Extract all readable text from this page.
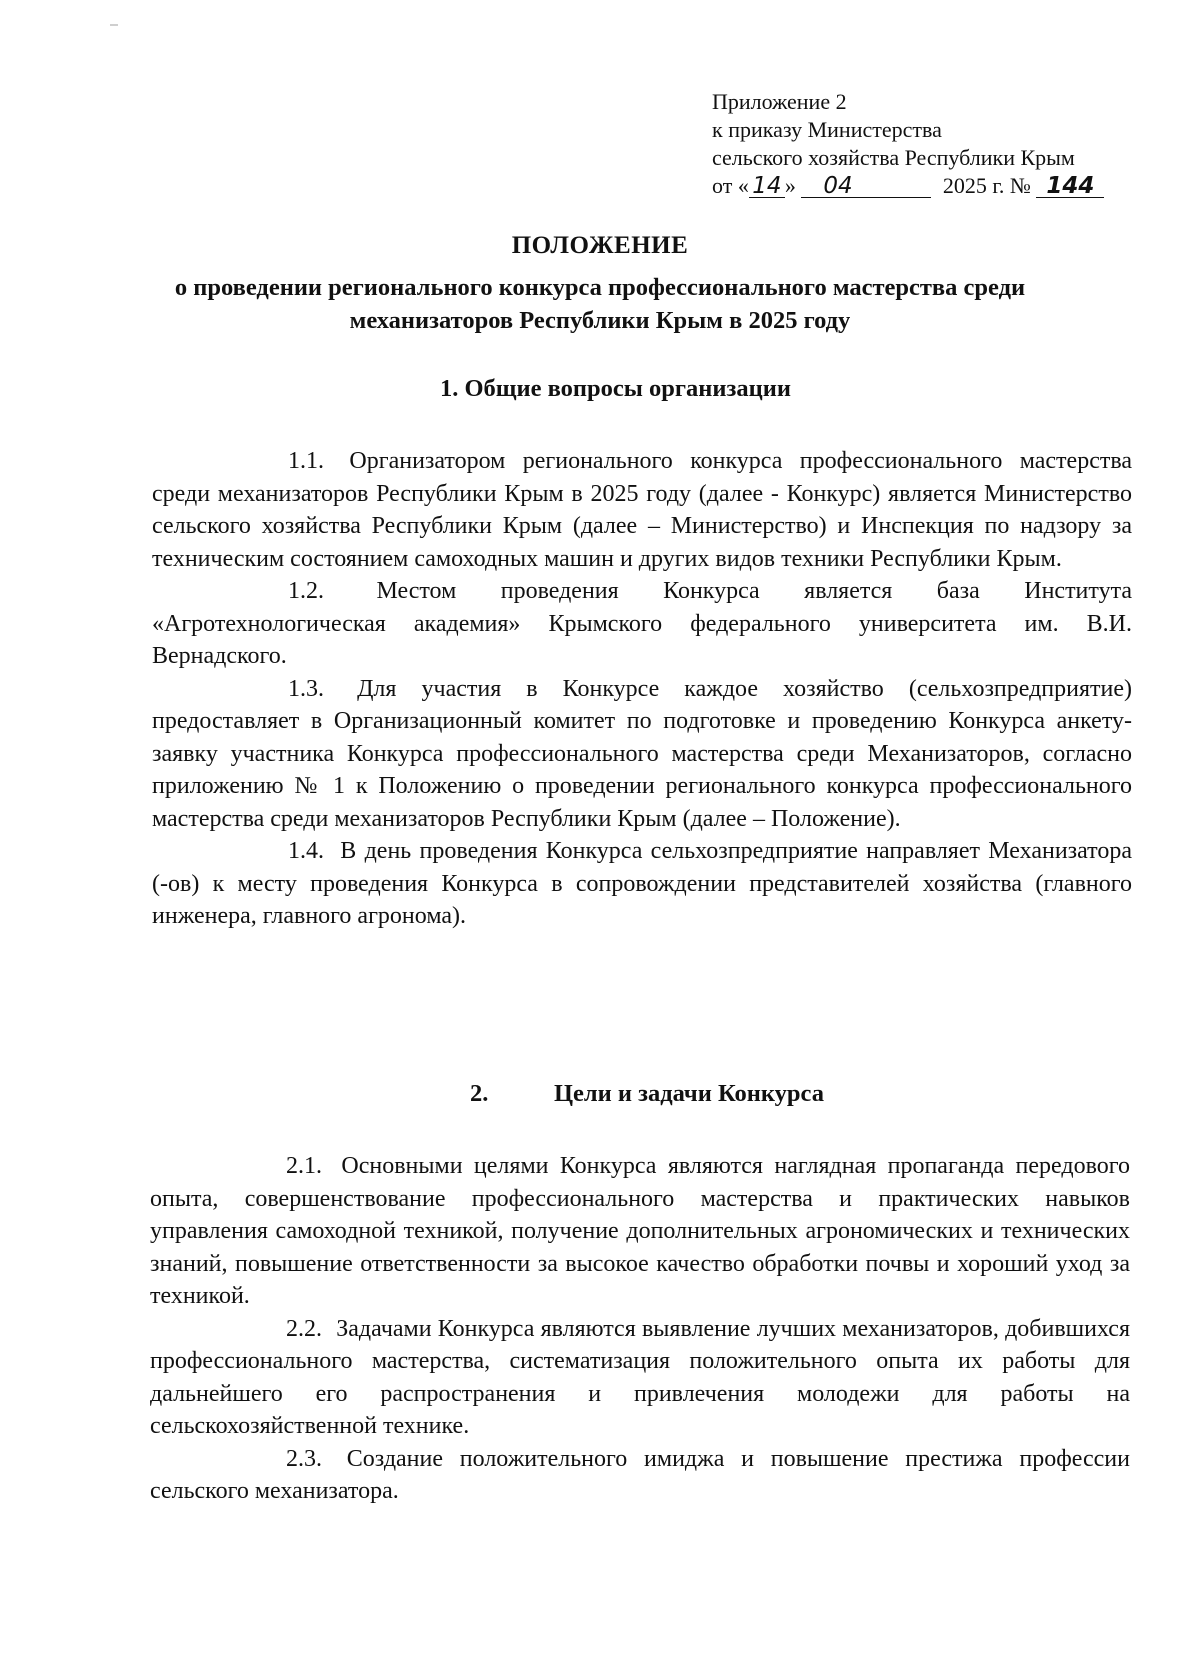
Приложение 2
к приказу Министерства
сельского хозяйства Республики Крым
от « 14 » 04	2025 г. № 144
ПОЛОЖЕНИЕ
о проведении регионального конкурса профессионального мастерства среди механизаторов Республики Крым в 2025 году
1. Общие вопросы организации

1.1. Организатором регионального конкурса профессионального мастерства среди механизаторов Республики Крым в 2025 году (далее - Конкурс) является Министерство сельского хозяйства Республики Крым (далее – Министерство) и Инспекция по надзору за техническим состоянием самоходных машин и других видов техники Республики Крым.

1.2. Местом проведения Конкурса является база Института «Агротехнологическая академия» Крымского федерального университета им. В.И. Вернадского.

1.3. Для участия в Конкурсе каждое хозяйство (сельхозпредприятие) предоставляет в Организационный комитет по подготовке и проведению Конкурса анкету-заявку участника Конкурса профессионального мастерства среди Механизаторов, согласно приложению № 1 к Положению о проведении регионального конкурса профессионального мастерства среди механизаторов Республики Крым (далее – Положение).

1.4. В день проведения Конкурса сельхозпредприятие направляет Механизатора (-ов) к месту проведения Конкурса в сопровождении представителей хозяйства (главного инженера, главного агронома).

2.	Цели и задачи Конкурса

2.1. Основными целями Конкурса являются наглядная пропаганда передового опыта, совершенствование профессионального мастерства и практических навыков управления самоходной техникой, получение дополнительных агрономических и технических знаний, повышение ответственности за высокое качество обработки почвы и хороший уход за техникой.

2.2. Задачами Конкурса являются выявление лучших механизаторов, добившихся профессионального мастерства, систематизация положительного опыта их работы для дальнейшего его распространения и привлечения молодежи для работы на сельскохозяйственной технике.

2.3. Создание положительного имиджа и повышение престижа профессии сельского механизатора.
